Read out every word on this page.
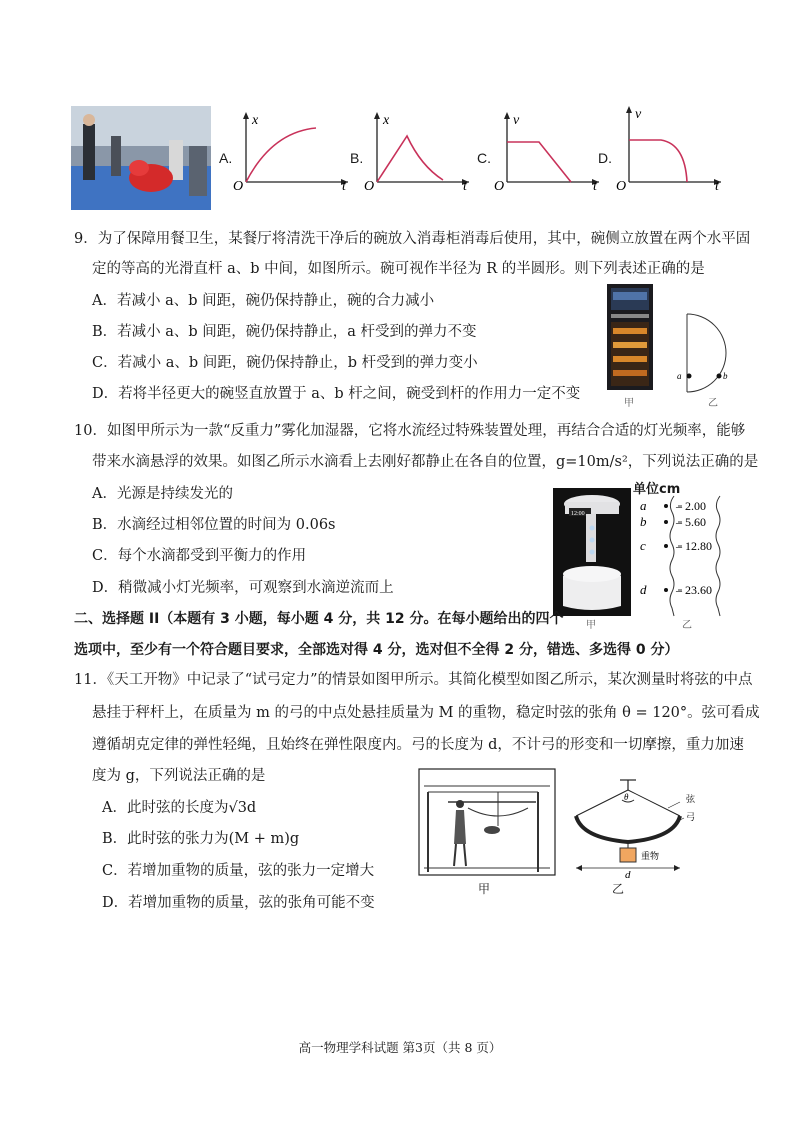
A.
x
t
O
B.
x
t
O
C.
v
t
O
D.
v
t
O
9．为了保障用餐卫生，某餐厅将清洗干净后的碗放入消毒柜消毒后使用，其中，碗侧立放置在两个水平固
定的等高的光滑直杆 a、b 中间，如图所示。碗可视作半径为 R 的半圆形。则下列表述正确的是
A．若减小 a、b 间距，碗仍保持静止，碗的合力减小
B．若减小 a、b 间距，碗仍保持静止，a 杆受到的弹力不变
C．若减小 a、b 间距，碗仍保持静止，b 杆受到的弹力变小
D．若将半径更大的碗竖直放置于 a、b 杆之间，碗受到杆的作用力一定不变
甲
a	b
乙
10．如图甲所示为一款“反重力”雾化加湿器，它将水流经过特殊装置处理，再结合合适的灯光频率，能够
带来水滴悬浮的效果。如图乙所示水滴看上去刚好都静止在各自的位置，g=10m/s²，下列说法正确的是
A．光源是持续发光的
B．水滴经过相邻位置的时间为 0.06s
C．每个水滴都受到平衡力的作用
D．稍微减小灯光频率，可观察到水滴逆流而上
12:00
甲
单位cm
a
b
c
d
– 2.00
– 5.60
– 12.80
– 23.60
乙
二、选择题 II（本题有 3 小题，每小题 4 分，共 12 分。在每小题给出的四个
选项中，至少有一个符合题目要求，全部选对得 4 分，选对但不全得 2 分，错选、多选得 0 分）
11．《天工开物》中记录了“试弓定力”的情景如图甲所示。其简化模型如图乙所示，某次测量时将弦的中点
悬挂于秤杆上，在质量为 m 的弓的中点处悬挂质量为 M 的重物，稳定时弦的张角 θ = 120°。弦可看成
遵循胡克定律的弹性轻绳，且始终在弹性限度内。弓的长度为 d，不计弓的形变和一切摩擦，重力加速
度为 g，下列说法正确的是
A．此时弦的长度为√3d
B．此时弦的张力为(M + m)g
C．若增加重物的质量，弦的张力一定增大
D．若增加重物的质量，弦的张角可能不变
甲
θ
重物
弦
弓
d
乙
高一物理学科试题 第3页（共 8 页）
